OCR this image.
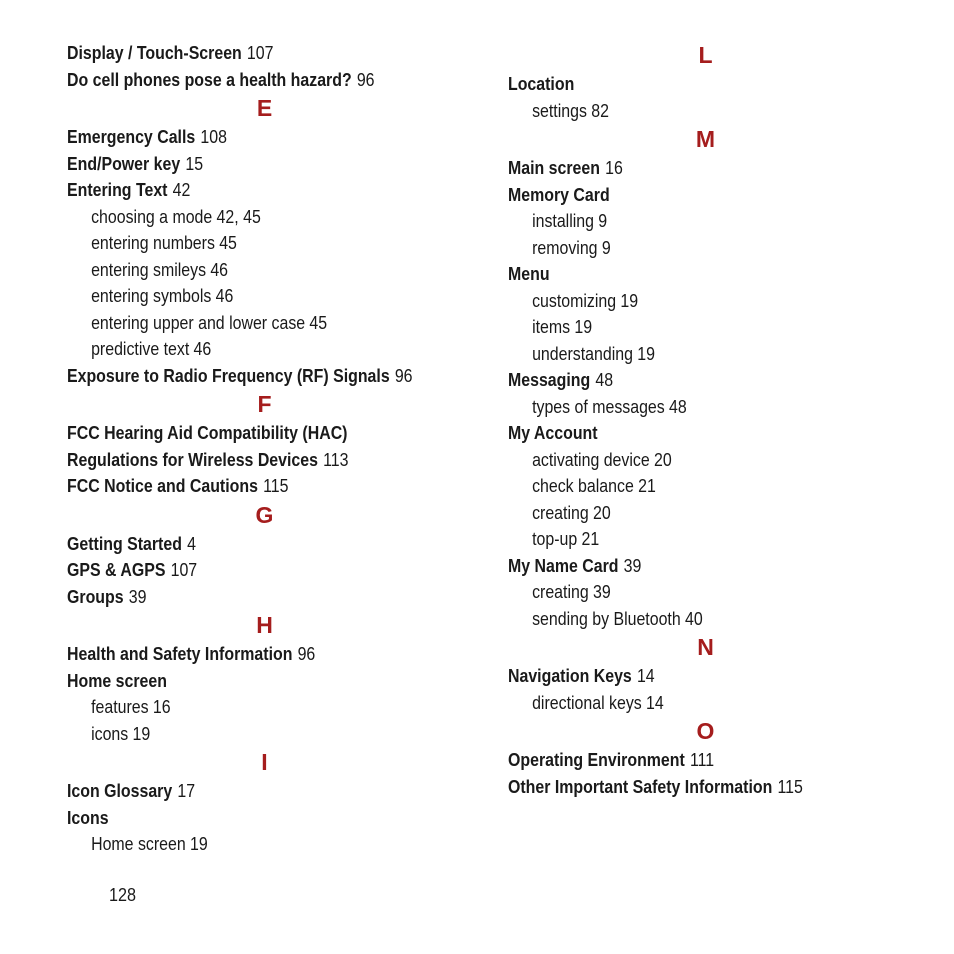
Display / Touch-Screen 107
Do cell phones pose a health hazard? 96
E
Emergency Calls 108
End/Power key 15
Entering Text 42
choosing a mode 42, 45
entering numbers 45
entering smileys 46
entering symbols 46
entering upper and lower case 45
predictive text 46
Exposure to Radio Frequency (RF) Signals 96
F
FCC Hearing Aid Compatibility (HAC)
Regulations for Wireless Devices 113
FCC Notice and Cautions 115
G
Getting Started 4
GPS & AGPS 107
Groups 39
H
Health and Safety Information 96
Home screen
features 16
icons 19
I
Icon Glossary 17
Icons
Home screen 19
L
Location
settings 82
M
Main screen 16
Memory Card
installing 9
removing 9
Menu
customizing 19
items 19
understanding 19
Messaging 48
types of messages 48
My Account
activating device 20
check balance 21
creating 20
top-up 21
My Name Card 39
creating 39
sending by Bluetooth 40
N
Navigation Keys 14
directional keys 14
O
Operating Environment 111
Other Important Safety Information 115
128
